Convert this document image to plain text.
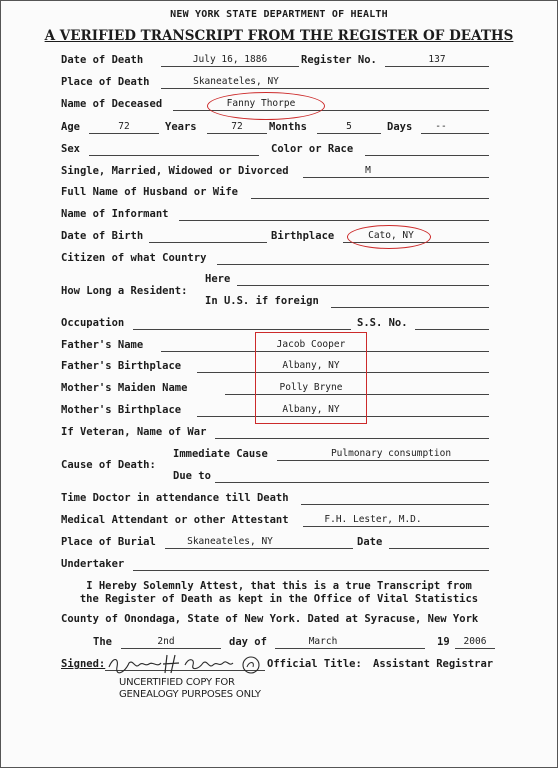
NEW YORK STATE DEPARTMENT OF HEALTH
A VERIFIED TRANSCRIPT FROM THE REGISTER OF DEATHS
Date of Death	July 16, 1886	Register No.	137
Place of Death	Skaneateles, NY
Name of Deceased	Fanny Thorpe
Age	72	Years	72	Months	5	Days	--
Sex	Color or Race
Single, Married, Widowed or Divorced	M
Full Name of Husband or Wife
Name of Informant
Date of Birth	Birthplace	Cato, NY
Citizen of what Country
How Long a Resident:
Here
In U.S. if foreign
Occupation	S.S. No.
Father's Name	Jacob Cooper
Father's Birthplace	Albany, NY
Mother's Maiden Name	Polly Bryne
Mother's Birthplace	Albany, NY
If Veteran, Name of War
Cause of Death:
Immediate Cause	Pulmonary consumption
Due to
Time Doctor in attendance till Death
Medical Attendant or other Attestant	F.H. Lester, M.D.
Place of Burial	Skaneateles, NY	Date
Undertaker
I Hereby Solemnly Attest, that this is a true Transcript from
the Register of Death as kept in the Office of Vital Statistics
County of Onondaga, State of New York. Dated at Syracuse, New York
The	2nd	day of	March	19	2006
Signed:	Official Title: Assistant Registrar
UNCERTIFIED COPY FOR
GENEALOGY PURPOSES ONLY
